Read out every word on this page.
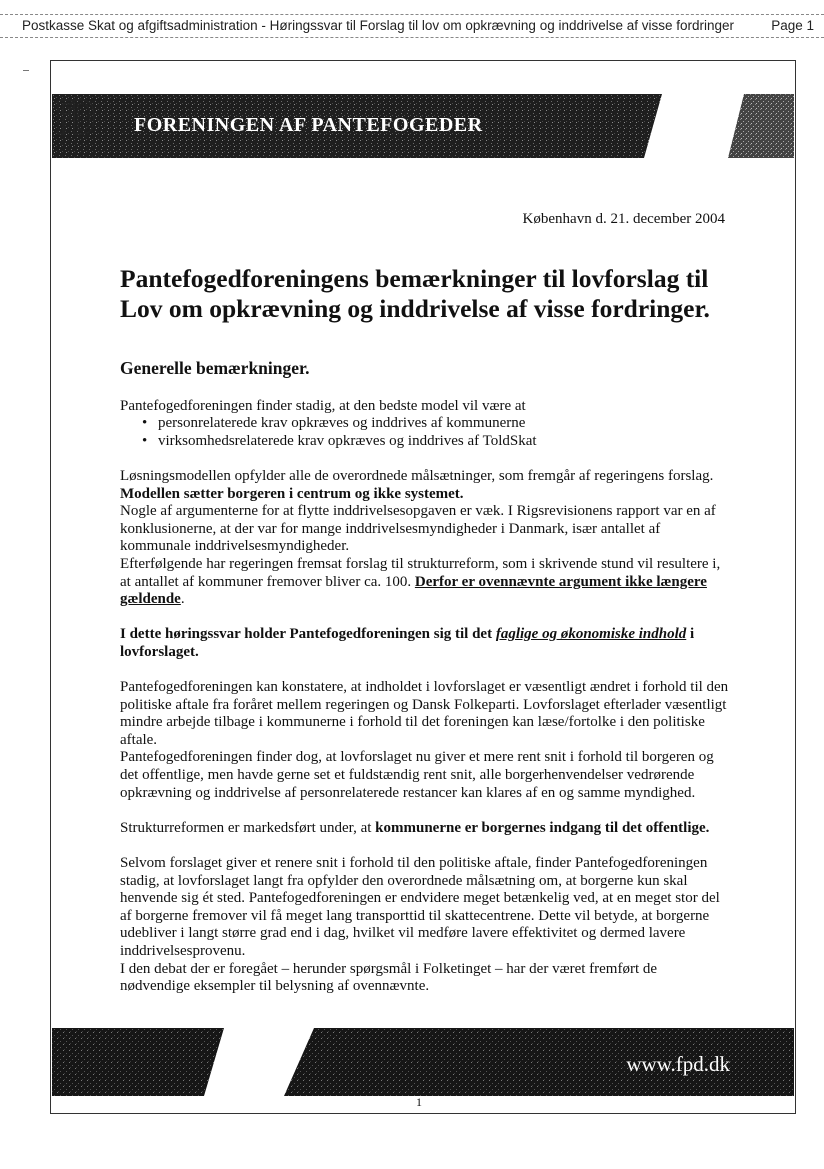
Postkasse Skat og afgiftsadministration - Høringssvar til Forslag til lov om opkrævning og inddrivelse af visse fordringer	Page 1
FORENINGEN AF PANTEFOGEDER
København d. 21. december 2004
Pantefogedforeningens bemærkninger til lovforslag til Lov om opkrævning og inddrivelse af visse fordringer.

Generelle bemærkninger.

Pantefogedforeningen finder stadig, at den bedste model vil være at

• personrelaterede krav opkræves og inddrives af kommunerne
• virksomhedsrelaterede krav opkræves og inddrives af ToldSkat

Løsningsmodellen opfylder alle de overordnede målsætninger, som fremgår af regeringens forslag.
Modellen sætter borgeren i centrum og ikke systemet.
Nogle af argumenterne for at flytte inddrivelsesopgaven er væk. I Rigsrevisionens rapport var en af konklusionerne, at der var for mange inddrivelsesmyndigheder i Danmark, især antallet af kommunale inddrivelsesmyndigheder.
Efterfølgende har regeringen fremsat forslag til strukturreform, som i skrivende stund vil resultere i, at antallet af kommuner fremover bliver ca. 100. Derfor er ovennævnte argument ikke længere gældende.

I dette høringssvar holder Pantefogedforeningen sig til det faglige og økonomiske indhold i lovforslaget.

Pantefogedforeningen kan konstatere, at indholdet i lovforslaget er væsentligt ændret i forhold til den politiske aftale fra foråret mellem regeringen og Dansk Folkeparti. Lovforslaget efterlader væsentligt mindre arbejde tilbage i kommunerne i forhold til det foreningen kan læse/fortolke i den politiske aftale.

Pantefogedforeningen finder dog, at lovforslaget nu giver et mere rent snit i forhold til borgeren og det offentlige, men havde gerne set et fuldstændig rent snit, alle borgerhenvendelser vedrørende opkrævning og inddrivelse af personrelaterede restancer kan klares af en og samme myndighed.

Strukturreformen er markedsført under, at kommunerne er borgernes indgang til det offentlige.

Selvom forslaget giver et renere snit i forhold til den politiske aftale, finder Pantefogedforeningen stadig, at lovforslaget langt fra opfylder den overordnede målsætning om, at borgerne kun skal henvende sig ét sted. Pantefogedforeningen er endvidere meget betænkelig ved, at en meget stor del af borgerne fremover vil få meget lang transporttid til skattecentrene. Dette vil betyde, at borgerne udebliver i langt større grad end i dag, hvilket vil medføre lavere effektivitet og dermed lavere inddrivelsesprovenu.

I den debat der er foregået – herunder spørgsmål i Folketinget – har der været fremført de nødvendige eksempler til belysning af ovennævnte.

www.fpd.dk
1
